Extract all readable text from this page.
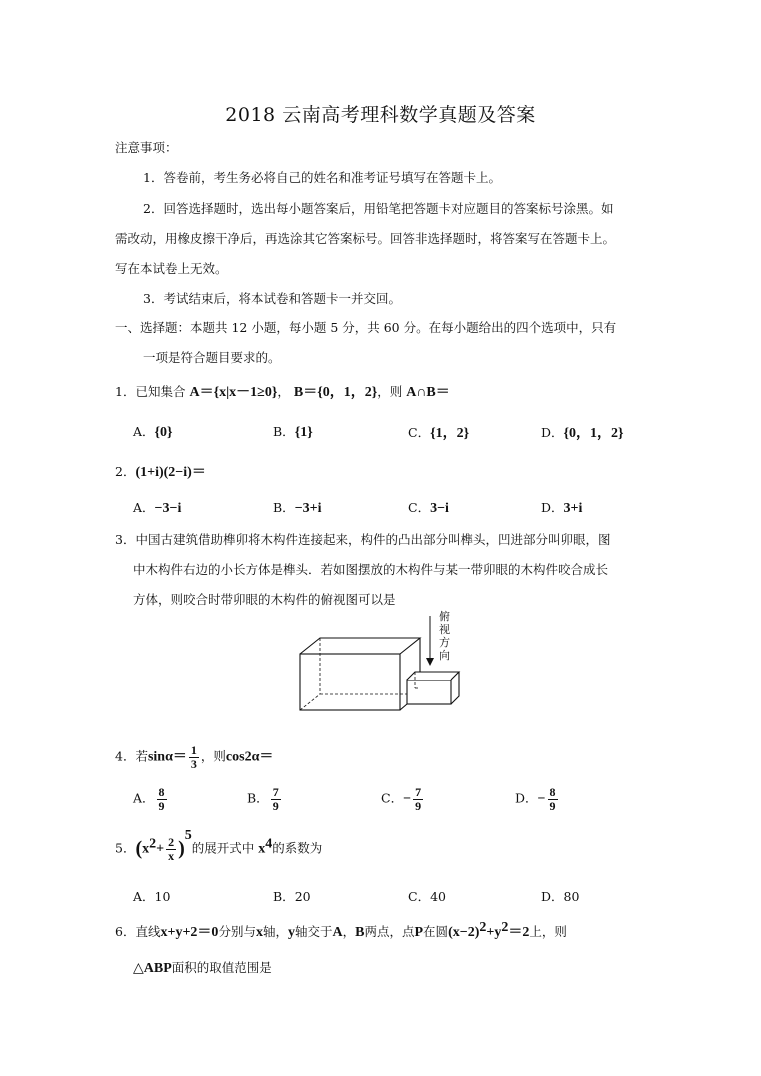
2018 云南高考理科数学真题及答案
注意事项：
1．答卷前，考生务必将自己的姓名和准考证号填写在答题卡上。
2．回答选择题时，选出每小题答案后，用铅笔把答题卡对应题目的答案标号涂黑。如
需改动，用橡皮擦干净后，再选涂其它答案标号。回答非选择题时，将答案写在答题卡上。
写在本试卷上无效。
3．考试结束后，将本试卷和答题卡一并交回。
一、选择题：本题共 12 小题，每小题 5 分，共 60 分。在每小题给出的四个选项中，只有
一项是符合题目要求的。
1．已知集合 A＝{x|x－1≥0}， B＝{0，1，2}，则 A∩B＝
A．{0}	B．{1}	C．{1，2}	D．{0，1，2}
2．(1+i)(2−i)＝
A．−3−i	B．−3+i	C．3−i	D．3+i
3．中国古建筑借助榫卯将木构件连接起来，构件的凸出部分叫榫头，凹进部分叫卯眼，图
中木构件右边的小长方体是榫头．若如图摆放的木构件与某一带卯眼的木构件咬合成长
方体，则咬合时带卯眼的木构件的俯视图可以是
俯
视
方
向
4．若$\sin\alpha= \frac{1}{3}$ ，则cos2α＝
A． $\frac{8}{9}$	B． $\frac{7}{9}$	C．− $\frac{7}{9}$	D．− $\frac{8}{9}$
5．$(x^2+ \frac{2}{x} )^5$的展开式中 $x^4$的系数为
A．10	B．20	C．40	D．80
6．直线x+y+2＝0分别与x轴，y轴交于A，B两点，点P在圆$(x-2)^2+y^2=2$上，则
△ABP面积的取值范围是
